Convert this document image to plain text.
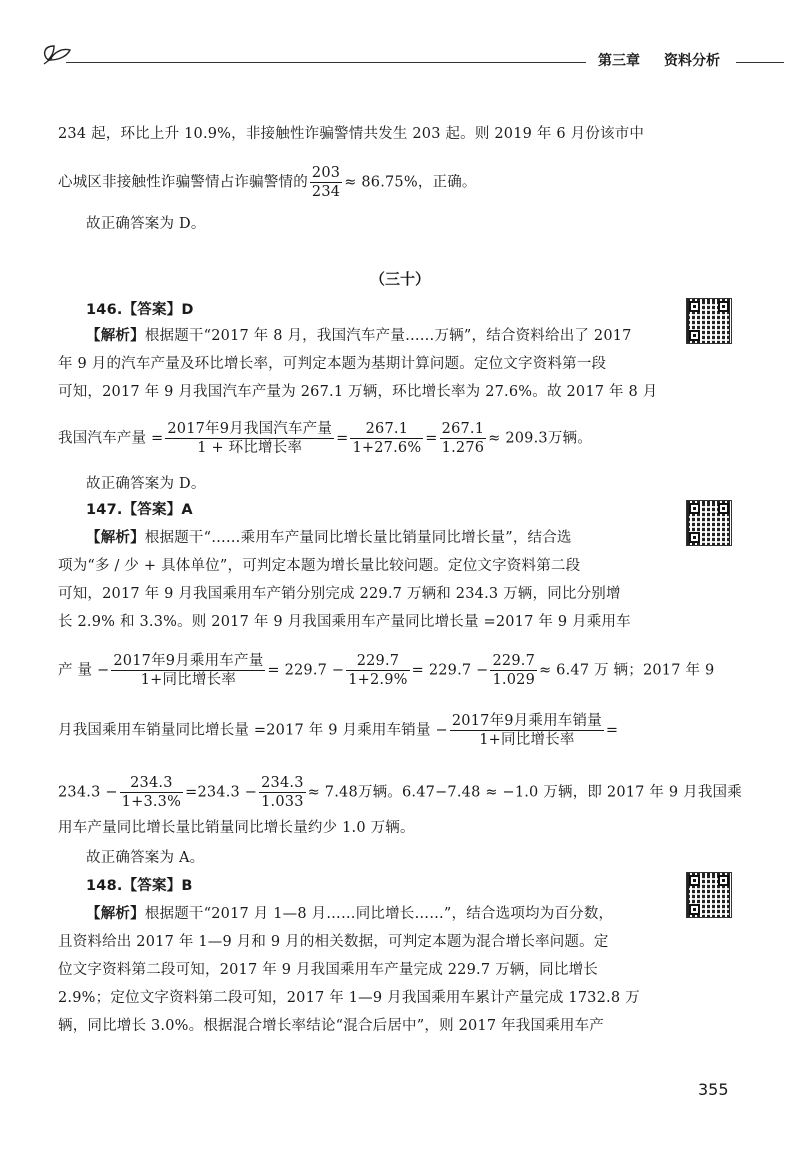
第三章 资料分析
234 起，环比上升 10.9%，非接触性诈骗警情共发生 203 起。则 2019 年 6 月份该市中
心城区非接触性诈骗警情占诈骗警情的 $\frac{203}{234} \approx 86.75\%$，正确。
故正确答案为 D。
（三十）
146.【答案】D
【解析】根据题干“2017 年 8 月，我国汽车产量……万辆”，结合资料给出了 2017
年 9 月的汽车产量及环比增长率，可判定本题为基期计算问题。定位文字资料第一段
可知，2017 年 9 月我国汽车产量为 267.1 万辆，环比增长率为 27.6%。故 2017 年 8 月
我国汽车产量 = $\frac{\text{2017年9月我国汽车产量}}{\text{1 + 环比增长率}} = \frac{267.1}{1+27.6\%} = \frac{267.1}{1.276} \approx 209.3$万辆。
故正确答案为 D。
147.【答案】A
【解析】根据题干“……乘用车产量同比增长量比销量同比增长量”，结合选
项为“多 / 少 + 具体单位”，可判定本题为增长量比较问题。定位文字资料第二段
可知，2017 年 9 月我国乘用车产销分别完成 229.7 万辆和 234.3 万辆，同比分别增
长 2.9% 和 3.3%。则 2017 年 9 月我国乘用车产量同比增长量 =2017 年 9 月乘用车
产 量 − $\frac{\text{2017年9月乘用车产量}}{\text{1+同比增长率}} = 229.7 - \frac{229.7}{1+2.9\%} = 229.7 - \frac{229.7}{1.029} \approx 6.47$ 万 辆；2017 年 9
月我国乘用车销量同比增长量 =2017 年 9 月乘用车销量 − $\frac{\text{2017年9月乘用车销量}}{\text{1+同比增长率}}$ =
$234.3 - \frac{234.3}{1+3.3\%} =234.3 - \frac{234.3}{1.033} \approx 7.48$万辆。6.47−7.48 ≈ −1.0 万辆，即 2017 年 9 月我国乘
用车产量同比增长量比销量同比增长量约少 1.0 万辆。
故正确答案为 A。
148.【答案】B
【解析】根据题干“2017 月 1—8 月……同比增长……”，结合选项均为百分数，
且资料给出 2017 年 1—9 月和 9 月的相关数据，可判定本题为混合增长率问题。定
位文字资料第二段可知，2017 年 9 月我国乘用车产量完成 229.7 万辆，同比增长
2.9%；定位文字资料第二段可知，2017 年 1—9 月我国乘用车累计产量完成 1732.8 万
辆，同比增长 3.0%。根据混合增长率结论“混合后居中”，则 2017 年我国乘用车产
355
